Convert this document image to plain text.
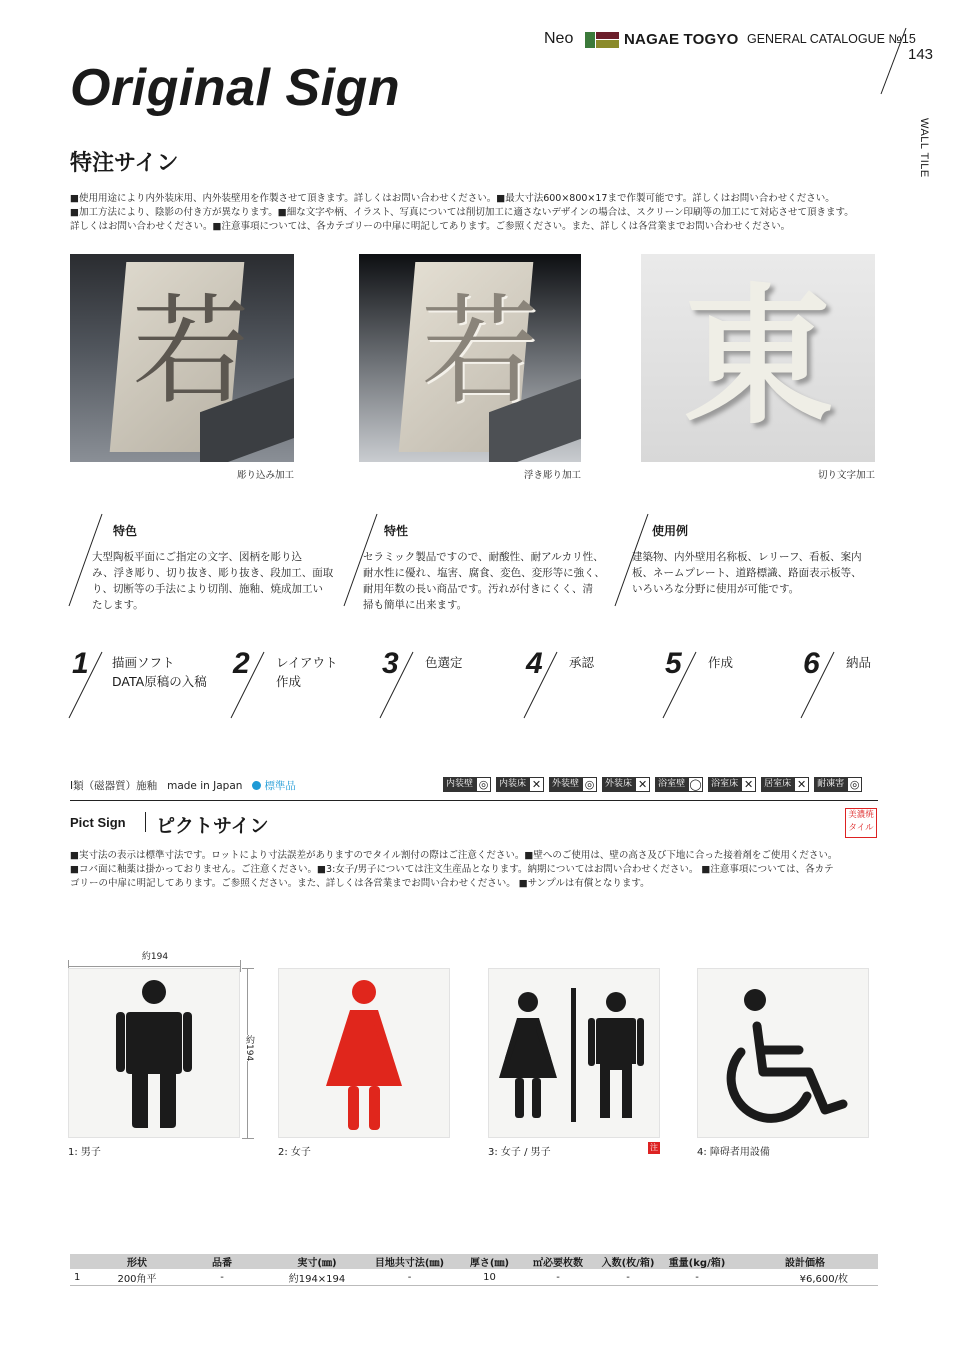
Neo	NAGAE TOGYO GENERAL CATALOGUE №15
143
WALL TILE
Original Sign
特注サイン
■使用用途により内外装床用、内外装壁用を作製させて頂きます。詳しくはお問い合わせください。■最大寸法600×800×17まで作製可能です。詳しくはお問い合わせください。
■加工方法により、陰影の付き方が異なります。■細な文字や柄、イラスト、写真については削切加工に適さないデザインの場合は、スクリーン印刷等の加工にて対応させて頂きます。
詳しくはお問い合わせください。■注意事項については、各カテゴリーの中扉に明記してあります。ご参照ください。また、詳しくは各営業までお問い合わせください。
若
彫り込み加工
若
浮き彫り加工
東
切り文字加工
特色
大型陶板平面にご指定の文字、図柄を彫り込
み、浮き彫り、切り抜き、彫り抜き、段加工、面取
り、切断等の手法により切削、施釉、焼成加工い
たします。
特性
セラミック製品ですので、耐酸性、耐アルカリ性、
耐水性に優れ、塩害、腐食、変色、変形等に強く、
耐用年数の長い商品です。汚れが付きにくく、清
掃も簡単に出来ます。
使用例
建築物、内外壁用名称板、レリーフ、看板、案内
板、ネームプレート、道路標識、路面表示板等、
いろいろな分野に使用が可能です。
1 描画ソフト
DATA原稿の入稿
2 レイアウト
作成
3 色選定 4 承認 5 作成 6 納品
Ⅰ類（磁器質）施釉 made in Japan 標準品	内装壁 ◎	内装床 ✕	外装壁 ◎	外装床 ✕	浴室壁 ◯	浴室床 ✕	居室床 ✕	耐凍害 ◎
Pict Sign ピクトサイン	美濃焼
タイル
■実寸法の表示は標準寸法です。ロットにより寸法誤差がありますのでタイル割付の際はご注意ください。■壁へのご使用は、壁の高さ及び下地に合った接着剤をご使用ください。
■コバ面に釉薬は掛かっておりません。ご注意ください。■3:女子/男子については注文生産品となります。納期についてはお問い合わせください。 ■注意事項については、各カテ
ゴリーの中扉に明記してあります。ご参照ください。また、詳しくは各営業までお問い合わせください。 ■サンプルは有償となります。
約194
約194
1: 男子	2: 女子	3: 女子 / 男子	注	4: 障碍者用設備
	形状	品番	実寸(㎜)	目地共寸法(㎜)	厚さ(㎜)	㎡必要枚数	入数(枚/箱)	重量(kg/箱)	設計価格
1	200角平	-	約194×194	-	10	-	-	-	¥6,600/枚
